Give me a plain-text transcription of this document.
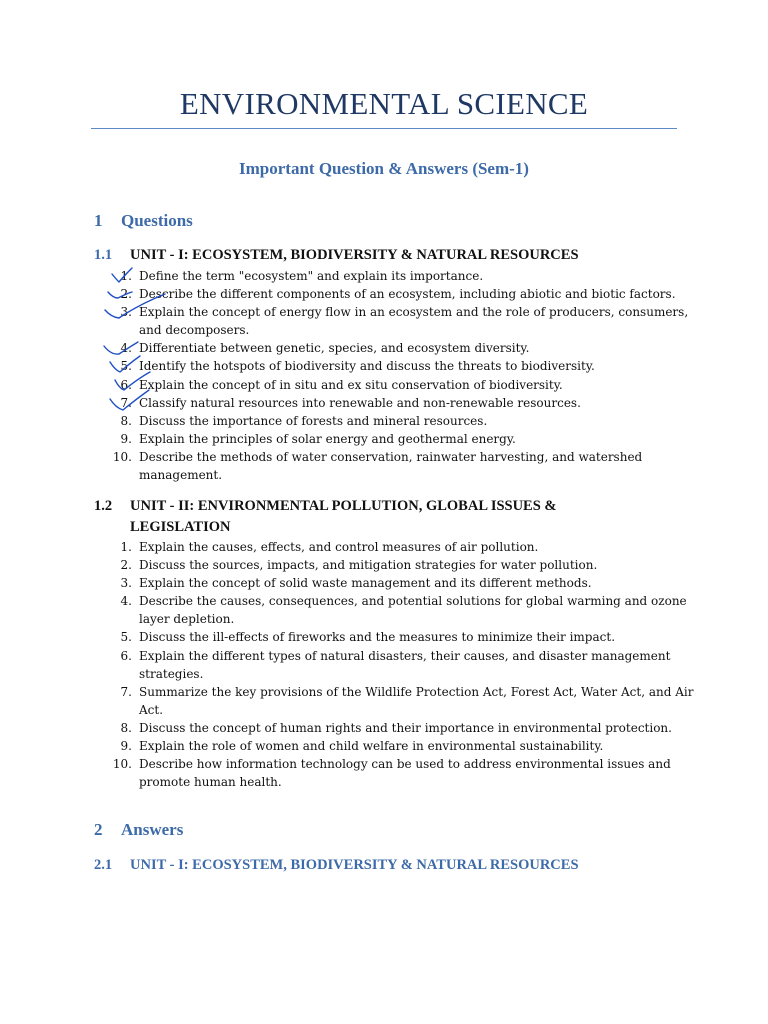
ENVIRONMENTAL SCIENCE
Important Question & Answers (Sem-1)
1 Questions
1.1 UNIT - I: ECOSYSTEM, BIODIVERSITY & NATURAL RESOURCES
1. Define the term "ecosystem" and explain its importance.
2. Describe the different components of an ecosystem, including abiotic and biotic factors.
3. Explain the concept of energy flow in an ecosystem and the role of producers, consumers, and decomposers.
4. Differentiate between genetic, species, and ecosystem diversity.
5. Identify the hotspots of biodiversity and discuss the threats to biodiversity.
6. Explain the concept of in situ and ex situ conservation of biodiversity.
7. Classify natural resources into renewable and non-renewable resources.
8. Discuss the importance of forests and mineral resources.
9. Explain the principles of solar energy and geothermal energy.
10. Describe the methods of water conservation, rainwater harvesting, and watershed management.
1.2 UNIT - II: ENVIRONMENTAL POLLUTION, GLOBAL ISSUES &
LEGISLATION
1. Explain the causes, effects, and control measures of air pollution.
2. Discuss the sources, impacts, and mitigation strategies for water pollution.
3. Explain the concept of solid waste management and its different methods.
4. Describe the causes, consequences, and potential solutions for global warming and ozone layer depletion.
5. Discuss the ill-effects of fireworks and the measures to minimize their impact.
6. Explain the different types of natural disasters, their causes, and disaster management strategies.
7. Summarize the key provisions of the Wildlife Protection Act, Forest Act, Water Act, and Air Act.
8. Discuss the concept of human rights and their importance in environmental protection.
9. Explain the role of women and child welfare in environmental sustainability.
10. Describe how information technology can be used to address environmental issues and promote human health.
2 Answers
2.1 UNIT - I: ECOSYSTEM, BIODIVERSITY & NATURAL RESOURCES
